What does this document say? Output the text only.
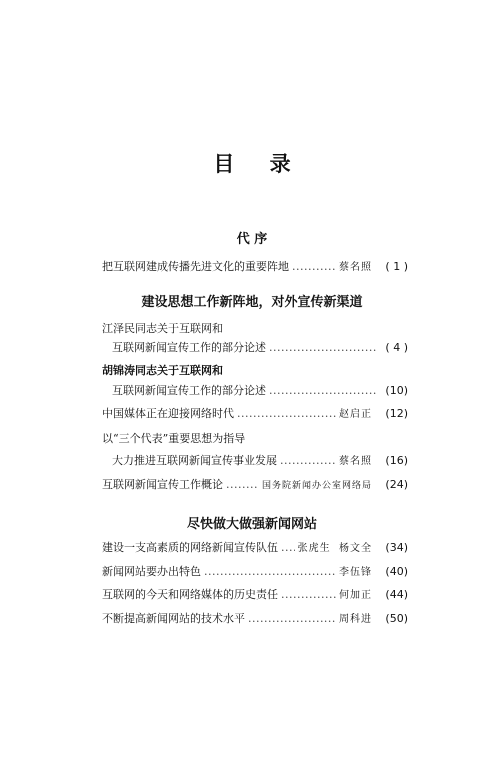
目 录
代 序
把互联网建成传播先进文化的重要阵地 .....	蔡名照	( 1 )
建设思想工作新阵地，对外宣传新渠道
江泽民同志关于互联网和
互联网新闻宣传工作的部分论述 .....	( 4 )
胡锦涛同志关于互联网和
互联网新闻宣传工作的部分论述 .....	(10)
中国媒体正在迎接网络时代 .....	赵启正	(12)
以“三个代表”重要思想为指导
大力推进互联网新闻宣传事业发展 .....	蔡名照	(16)
互联网新闻宣传工作概论 .....	国务院新闻办公室网络局	(24)
尽快做大做强新闻网站
建设一支高素质的网络新闻宣传队伍 ..... 张虎生  杨文全	(34)
新闻网站要办出特色 .....	李伍锋	(40)
互联网的今天和网络媒体的历史责任 .....	何加正	(44)
不断提高新闻网站的技术水平 .....	周科进	(50)
